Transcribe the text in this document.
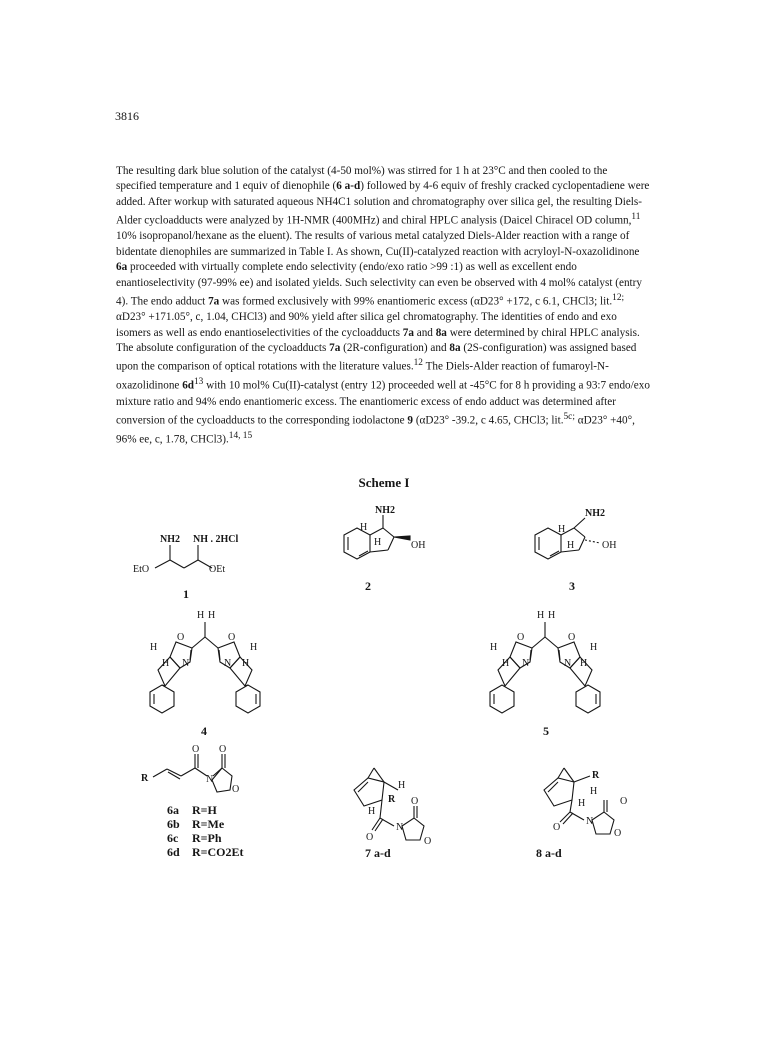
3816

The resulting dark blue solution of the catalyst (4-50 mol%) was stirred for 1 h at 23°C and then cooled to the specified temperature and 1 equiv of dienophile (6 a-d) followed by 4-6 equiv of freshly cracked cyclopentadiene were added. After workup with saturated aqueous NH4C1 solution and chromatography over silica gel, the resulting Diels-Alder cycloadducts were analyzed by 1H-NMR (400MHz) and chiral HPLC analysis (Daicel Chiracel OD column,$^{11}$ 10% isopropanol/hexane as the eluent). The results of various metal catalyzed Diels-Alder reaction with a range of bidentate dienophiles are summarized in Table I. As shown, Cu(II)-catalyzed reaction with acryloyl-N-oxazolidinone 6a proceeded with virtually complete endo selectivity (endo/exo ratio >99 :1) as well as excellent endo enantioselectivity (97-99% ee) and isolated yields. Such selectivity can even be observed with 4 mol% catalyst (entry 4). The endo adduct 7a was formed exclusively with 99% enantiomeric excess (αD23° +172, c 6.1, CHCl3; lit.$^{12;}$ αD23° +171.05°, c, 1.04, CHCl3) and 90% yield after silica gel chromatography. The identities of endo and exo isomers as well as endo enantioselectivities of the cycloadducts 7a and 8a were determined by chiral HPLC analysis. The absolute configuration of the cycloadducts 7a (2R-configuration) and 8a (2S-configuration) was assigned based upon the comparison of optical rotations with the literature values.$^{12}$ The Diels-Alder reaction of fumaroyl-N-oxazolidinone $6d^{13}$ with 10 mol% Cu(II)-catalyst (entry 12) proceeded well at -45°C for 8 h providing a 93:7 endo/exo mixture ratio and 94% endo enantiomeric excess. The enantiomeric excess of endo adduct was determined after conversion of the cycloadducts to the corresponding iodolactone 9 (αD23° -39.2, c 4.65, CHCl3; lit.$^{5c;}$ αD23° +40°, 96% ee, c, 1.78, CHCl3).$^{14, 15}$

Scheme I
NH2 NH . 2HCl
EtO	OEt
NH2
H
H	OH
NH2
H
H	OH
H H
O	O
N	N
H
H
H
H
H H
O	O
N	N
H
H
H
H
R
O O
N
O	H
R
H
O
N
O
O
R
H
H
O
N
O
O
1
2	3
4	5
7 a-d	8 a-d
6a R=H
6b R=Me
6c R=Ph
6d R=CO2Et
